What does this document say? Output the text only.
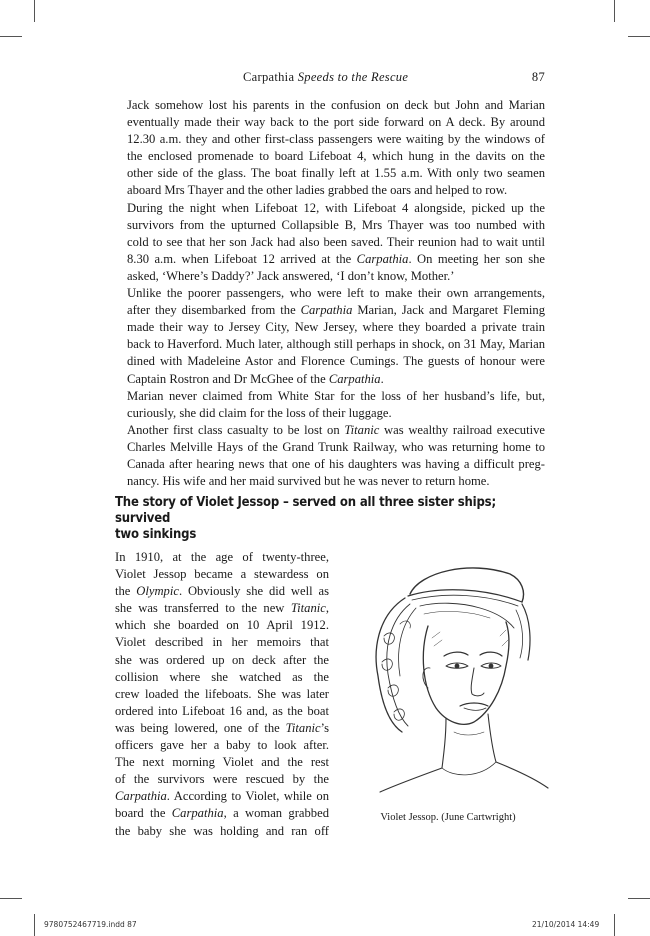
Carpathia Speeds to the Rescue	87

Jack somehow lost his parents in the confusion on deck but John and Marian
eventually made their way back to the port side forward on A deck. By around
12.30 a.m. they and other first-class passengers were waiting by the windows of
the enclosed promenade to board Lifeboat 4, which hung in the davits on the
other side of the glass. The boat finally left at 1.55 a.m. With only two seamen
aboard Mrs Thayer and the other ladies grabbed the oars and helped to row.

During the night when Lifeboat 12, with Lifeboat 4 alongside, picked up the
survivors from the upturned Collapsible B, Mrs Thayer was too numbed with
cold to see that her son Jack had also been saved. Their reunion had to wait until
8.30 a.m. when Lifeboat 12 arrived at the Carpathia. On meeting her son she
asked, ‘Where’s Daddy?’ Jack answered, ‘I don’t know, Mother.’

Unlike the poorer passengers, who were left to make their own arrangements,
after they disembarked from the Carpathia Marian, Jack and Margaret Fleming
made their way to Jersey City, New Jersey, where they boarded a private train
back to Haverford. Much later, although still perhaps in shock, on 31 May, Marian
dined with Madeleine Astor and Florence Cumings. The guests of honour were
Captain Rostron and Dr McGhee of the Carpathia.

Marian never claimed from White Star for the loss of her husband’s life, but,
curiously, she did claim for the loss of their luggage.

Another first class casualty to be lost on Titanic was wealthy railroad executive
Charles Melville Hays of the Grand Trunk Railway, who was returning home to
Canada after hearing news that one of his daughters was having a difficult preg-
nancy. His wife and her maid survived but he was never to return home.

The story of Violet Jessop – served on all three sister ships; survived
two sinkings
In 1910, at the age of twenty-three,
Violet Jessop became a stewardess on
the Olympic. Obviously she did well as
she was transferred to the new Titanic,
which she boarded on 10 April 1912.
Violet described in her memoirs that
she was ordered up on deck after the
collision where she watched as the
crew loaded the lifeboats. She was later
ordered into Lifeboat 16 and, as the boat
was being lowered, one of the Titanic’s
officers gave her a baby to look after.
The next morning Violet and the rest
of the survivors were rescued by the
Carpathia. According to Violet, while on
board the Carpathia, a woman grabbed
the baby she was holding and ran off
Violet Jessop. (June Cartwright)
9780752467719.indd 87	21/10/2014 14:49
